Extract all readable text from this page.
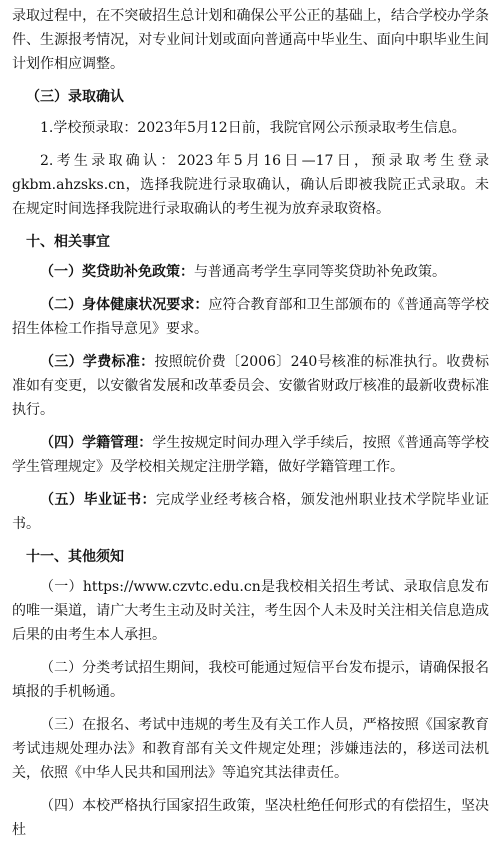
录取过程中，在不突破招生总计划和确保公平公正的基础上，结合学校办学条件、生源报考情况，对专业间计划或面向普通高中毕业生、面向中职毕业生间计划作相应调整。

（三）录取确认

1.学校预录取：2023年5月12日前，我院官网公示预录取考生信息。

2.考生录取确认：2023年5月16日—17日，预录取考生登录gkbm.ahzsks.cn，选择我院进行录取确认，确认后即被我院正式录取。未在规定时间选择我院进行录取确认的考生视为放弃录取资格。

十、相关事宜

（一）奖贷助补免政策：与普通高考学生享同等奖贷助补免政策。

（二）身体健康状况要求：应符合教育部和卫生部颁布的《普通高等学校招生体检工作指导意见》要求。

（三）学费标准：按照皖价费〔2006〕240号核准的标准执行。收费标准如有变更，以安徽省发展和改革委员会、安徽省财政厅核准的最新收费标准执行。

（四）学籍管理：学生按规定时间办理入学手续后，按照《普通高等学校学生管理规定》及学校相关规定注册学籍，做好学籍管理工作。

（五）毕业证书：完成学业经考核合格，颁发池州职业技术学院毕业证书。

十一、其他须知

（一）https://www.czvtc.edu.cn是我校相关招生考试、录取信息发布的唯一渠道，请广大考生主动及时关注，考生因个人未及时关注相关信息造成后果的由考生本人承担。

（二）分类考试招生期间，我校可能通过短信平台发布提示，请确保报名填报的手机畅通。

（三）在报名、考试中违规的考生及有关工作人员，严格按照《国家教育考试违规处理办法》和教育部有关文件规定处理；涉嫌违法的，移送司法机关，依照《中华人民共和国刑法》等追究其法律责任。

（四）本校严格执行国家招生政策，坚决杜绝任何形式的有偿招生，坚决杜
